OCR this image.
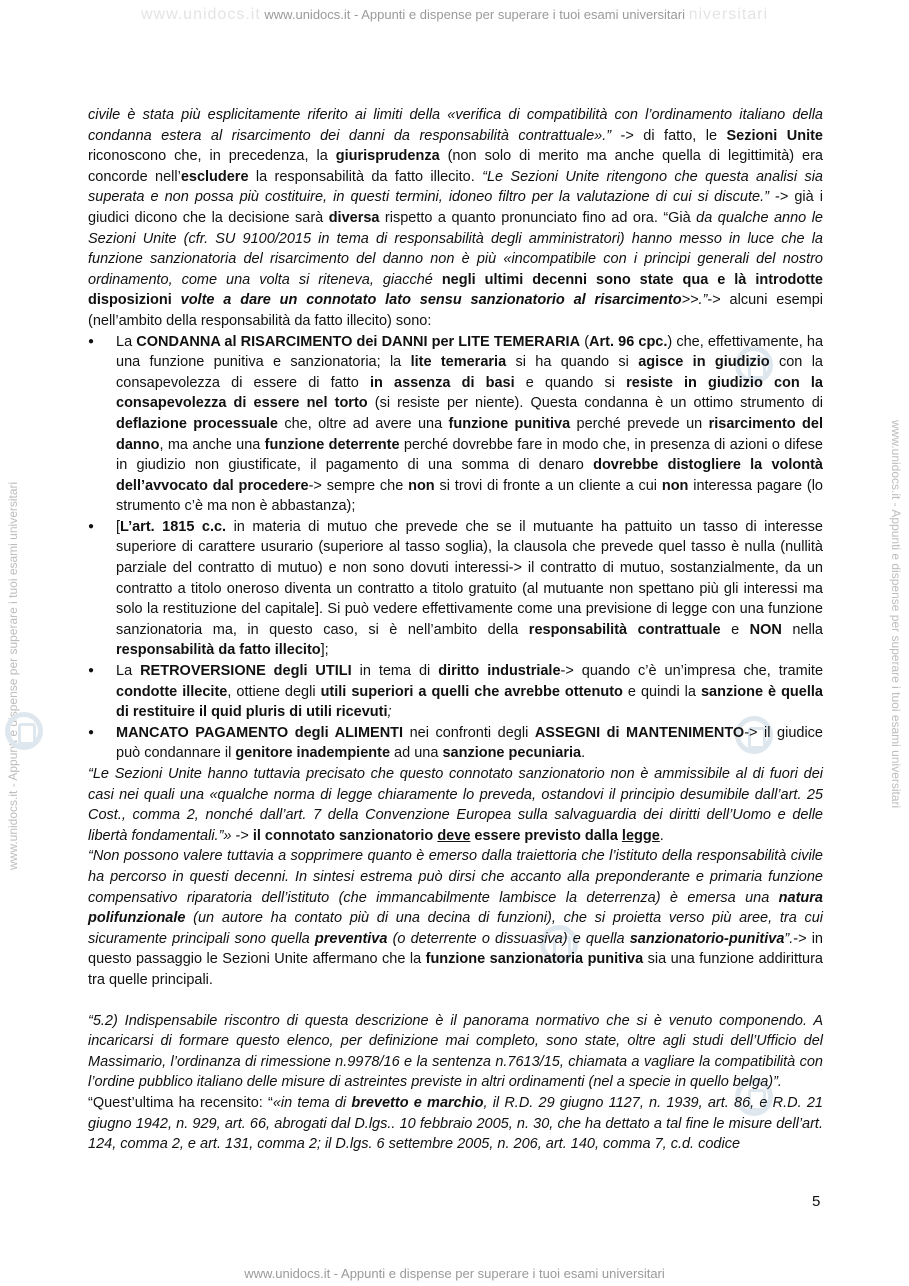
www.unidocs.it www.unidocs.it - Appunti e dispense per superare i tuoi esami universitari niversitari
www.unidocs.it - Appunti e dispense per superare i tuoi esami universitari
www.unidocs.it - Appunti e dispense per superare i tuoi esami universitari	www.unidocs.it - Appunti e dispense per superare i tuoi esami universitari

civile è stata più esplicitamente riferito ai limiti della «verifica di compatibilità con l’ordinamento italiano della condanna estera al risarcimento dei danni da responsabilità contrattuale».” -> di fatto, le Sezioni Unite riconoscono che, in precedenza, la giurisprudenza (non solo di merito ma anche quella di legittimità) era concorde nell’escludere la responsabilità da fatto illecito. “Le Sezioni Unite ritengono che questa analisi sia superata e non possa più costituire, in questi termini, idoneo filtro per la valutazione di cui si discute.” -> già i giudici dicono che la decisione sarà diversa rispetto a quanto pronunciato fino ad ora. “Già da qualche anno le Sezioni Unite (cfr. SU 9100/2015 in tema di responsabilità degli amministratori) hanno messo in luce che la funzione sanzionatoria del risarcimento del danno non è più «incompatibile con i principi generali del nostro ordinamento, come una volta si riteneva, giacché negli ultimi decenni sono state qua e là introdotte disposizioni volte a dare un connotato lato sensu sanzionatorio al risarcimento>>.”-> alcuni esempi (nell’ambito della responsabilità da fatto illecito) sono:

● La CONDANNA al RISARCIMENTO dei DANNI per LITE TEMERARIA (Art. 96 cpc.) che, effettivamente, ha una funzione punitiva e sanzionatoria; la lite temeraria si ha quando si agisce in giudizio con la consapevolezza di essere di fatto in assenza di basi e quando si resiste in giudizio con la consapevolezza di essere nel torto (si resiste per niente). Questa condanna è un ottimo strumento di deflazione processuale che, oltre ad avere una funzione punitiva perché prevede un risarcimento del danno, ma anche una funzione deterrente perché dovrebbe fare in modo che, in presenza di azioni o difese in giudizio non giustificate, il pagamento di una somma di denaro dovrebbe distogliere la volontà dell’avvocato dal procedere-> sempre che non si trovi di fronte a un cliente a cui non interessa pagare (lo strumento c’è ma non è abbastanza);
● [L’art. 1815 c.c. in materia di mutuo che prevede che se il mutuante ha pattuito un tasso di interesse superiore di carattere usurario (superiore al tasso soglia), la clausola che prevede quel tasso è nulla (nullità parziale del contratto di mutuo) e non sono dovuti interessi-> il contratto di mutuo, sostanzialmente, da un contratto a titolo oneroso diventa un contratto a titolo gratuito (al mutuante non spettano più gli interessi ma solo la restituzione del capitale]. Si può vedere effettivamente come una previsione di legge con una funzione sanzionatoria ma, in questo caso, si è nell’ambito della responsabilità contrattuale e NON nella responsabilità da fatto illecito];
● La RETROVERSIONE degli UTILI in tema di diritto industriale-> quando c’è un’impresa che, tramite condotte illecite, ottiene degli utili superiori a quelli che avrebbe ottenuto e quindi la sanzione è quella di restituire il quid pluris di utili ricevuti;
● MANCATO PAGAMENTO degli ALIMENTI nei confronti degli ASSEGNI di MANTENIMENTO-> il giudice può condannare il genitore inadempiente ad una sanzione pecuniaria.

“Le Sezioni Unite hanno tuttavia precisato che questo connotato sanzionatorio non è ammissibile al di fuori dei casi nei quali una «qualche norma di legge chiaramente lo preveda, ostandovi il principio desumibile dall’art. 25 Cost., comma 2, nonché dall’art. 7 della Convenzione Europea sulla salvaguardia dei diritti dell’Uomo e delle libertà fondamentali.”» -> il connotato sanzionatorio deve essere previsto dalla legge.

“Non possono valere tuttavia a sopprimere quanto è emerso dalla traiettoria che l’istituto della responsabilità civile ha percorso in questi decenni. In sintesi estrema può dirsi che accanto alla preponderante e primaria funzione compensativo riparatoria dell’istituto (che immancabilmente lambisce la deterrenza) è emersa una natura polifunzionale (un autore ha contato più di una decina di funzioni), che si proietta verso più aree, tra cui sicuramente principali sono quella preventiva (o deterrente o dissuasiva) e quella sanzionatorio-punitiva”.-> in questo passaggio le Sezioni Unite affermano che la funzione sanzionatoria punitiva sia una funzione addirittura tra quelle principali.

“5.2) Indispensabile riscontro di questa descrizione è il panorama normativo che si è venuto componendo. A incaricarsi di formare questo elenco, per definizione mai completo, sono state, oltre agli studi dell’Ufficio del Massimario, l’ordinanza di rimessione n.9978/16 e la sentenza n.7613/15, chiamata a vagliare la compatibilità con l’ordine pubblico italiano delle misure di astreintes previste in altri ordinamenti (nel a specie in quello belga)”.

“Quest’ultima ha recensito: “«in tema di brevetto e marchio, il R.D. 29 giugno 1127, n. 1939, art. 86, e R.D. 21 giugno 1942, n. 929, art. 66, abrogati dal D.lgs.. 10 febbraio 2005, n. 30, che ha dettato a tal fine le misure dell’art. 124, comma 2, e art. 131, comma 2; il D.lgs. 6 settembre 2005, n. 206, art. 140, comma 7, c.d. codice

5
